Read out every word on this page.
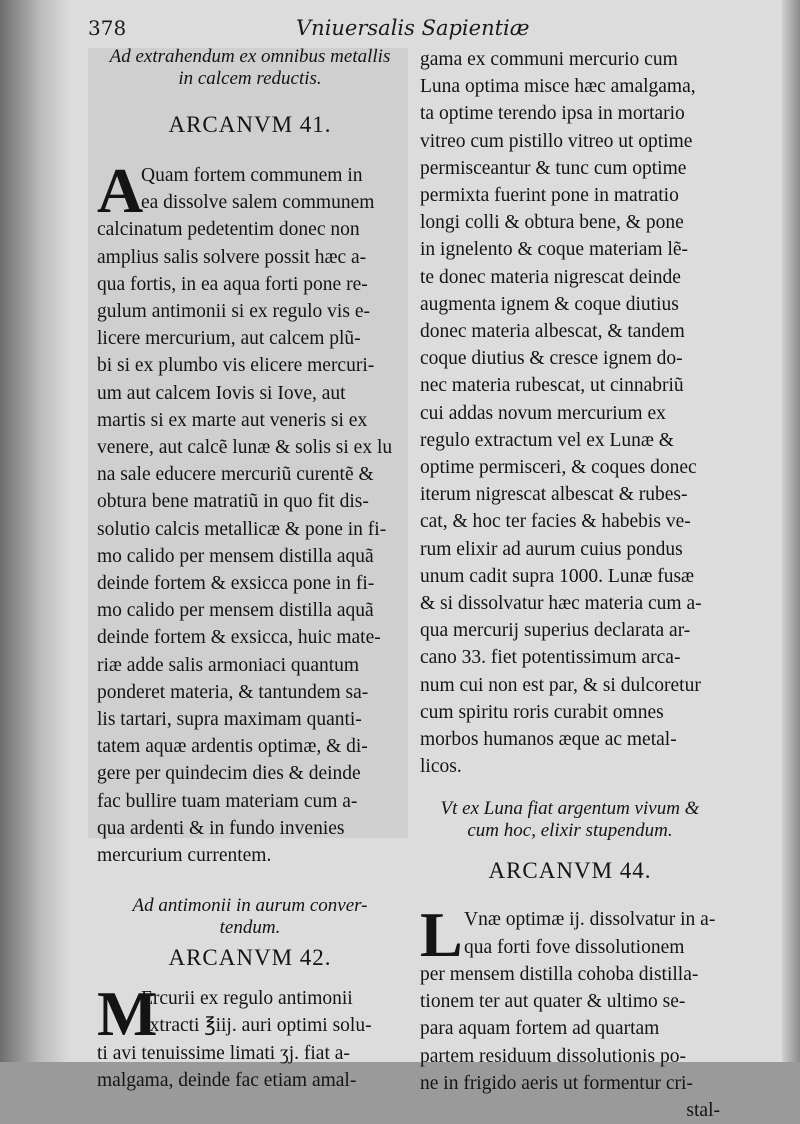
378	Vniuersalis Sapientiæ

Ad extrahendum ex omnibus metallis
in calcem reductis.

ARCANVM 41.

A
Quam fortem communem in
ea dissolve salem communem
calcinatum pedetentim donec non
amplius salis solvere possit hæc a-
qua fortis, in ea aqua forti pone re-
gulum antimonii si ex regulo vis e-
licere mercurium, aut calcem plũ-
bi si ex plumbo vis elicere mercuri-
um aut calcem Iovis si Iove, aut
martis si ex marte aut veneris si ex
venere, aut calcẽ lunæ & solis si ex lu
na sale educere mercuriũ curentẽ &
obtura bene matratiũ in quo fit dis-
solutio calcis metallicæ & pone in fi-
mo calido per mensem distilla aquã
deinde fortem & exsicca pone in fi-
mo calido per mensem distilla aquã
deinde fortem & exsicca, huic mate-
riæ adde salis armoniaci quantum
ponderet materia, & tantundem sa-
lis tartari, supra maximam quanti-
tatem aquæ ardentis optimæ, & di-
gere per quindecim dies & deinde
fac bullire tuam materiam cum a-
qua ardenti & in fundo invenies
mercurium currentem.

Ad antimonii in aurum conver-
tendum.

ARCANVM 42.

M
Ercurii ex regulo antimonii
extracti ℥iij. auri optimi solu-
ti avi tenuissime limati ʒj. fiat a-
malgama, deinde fac etiam amal-
gama ex communi mercurio cum
Luna optima misce hæc amalgama,
ta optime terendo ipsa in mortario
vitreo cum pistillo vitreo ut optime
permisceantur & tunc cum optime
permixta fuerint pone in matratio
longi colli & obtura bene, & pone
in ignelento & coque materiam lẽ-
te donec materia nigrescat deinde
augmenta ignem & coque diutius
donec materia albescat, & tandem
coque diutius & cresce ignem do-
nec materia rubescat, ut cinnabriũ
cui addas novum mercurium ex
regulo extractum vel ex Lunæ &
optime permisceri, & coques donec
iterum nigrescat albescat & rubes-
cat, & hoc ter facies & habebis ve-
rum elixir ad aurum cuius pondus
unum cadit supra 1000. Lunæ fusæ
& si dissolvatur hæc materia cum a-
qua mercurij superius declarata ar-
cano 33. fiet potentissimum arca-
num cui non est par, & si dulcoretur
cum spiritu roris curabit omnes
morbos humanos æque ac metal-
licos.

Vt ex Luna fiat argentum vivum &
cum hoc, elixir stupendum.

ARCANVM 44.

L Vnæ optimæ ij. dissolvatur in a-
qua forti fove dissolutionem
per mensem distilla cohoba distilla-
tionem ter aut quater & ultimo se-
para aquam fortem ad quartam
partem residuum dissolutionis po-
ne in frigido aeris ut formentur cri-
stal-
